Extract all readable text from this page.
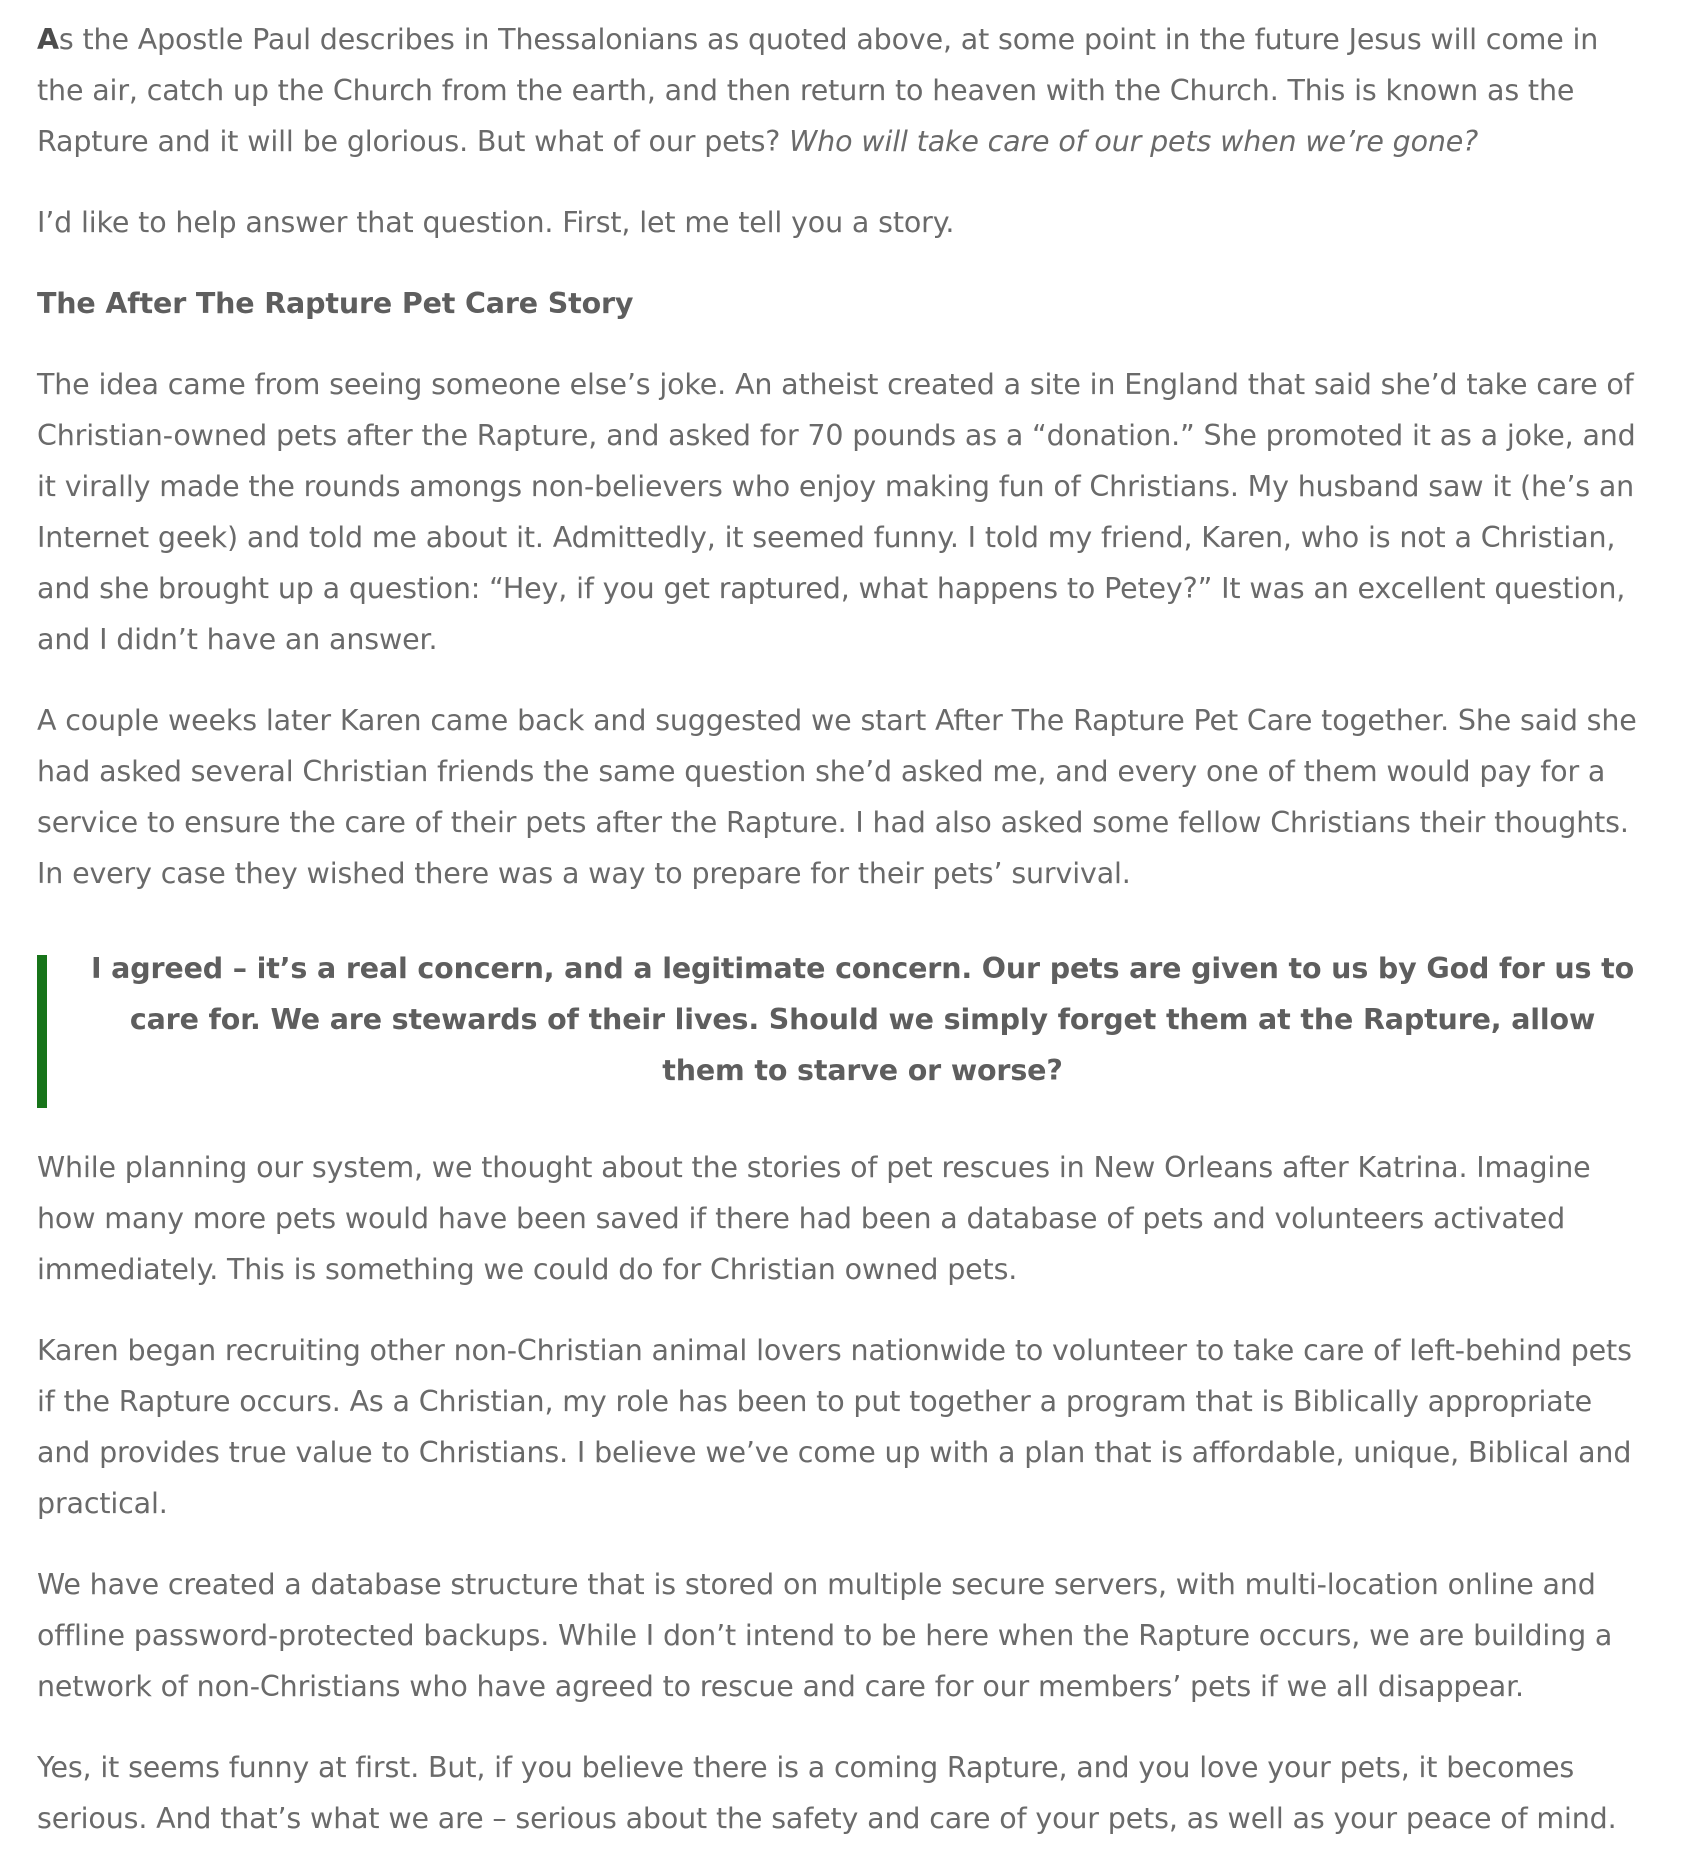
As the Apostle Paul describes in Thessalonians as quoted above, at some point in the future Jesus will come in the air, catch up the Church from the earth, and then return to heaven with the Church. This is known as the Rapture and it will be glorious. But what of our pets? Who will take care of our pets when we’re gone?

I’d like to help answer that question. First, let me tell you a story.

The After The Rapture Pet Care Story

The idea came from seeing someone else’s joke. An atheist created a site in England that said she’d take care of Christian-owned pets after the Rapture, and asked for 70 pounds as a “donation.” She promoted it as a joke, and it virally made the rounds amongs non-believers who enjoy making fun of Christians. My husband saw it (he’s an Internet geek) and told me about it. Admittedly, it seemed funny. I told my friend, Karen, who is not a Christian, and she brought up a question: “Hey, if you get raptured, what happens to Petey?” It was an excellent question, and I didn’t have an answer.

A couple weeks later Karen came back and suggested we start After The Rapture Pet Care together. She said she had asked several Christian friends the same question she’d asked me, and every one of them would pay for a service to ensure the care of their pets after the Rapture. I had also asked some fellow Christians their thoughts. In every case they wished there was a way to prepare for their pets’ survival.

I agreed – it’s a real concern, and a legitimate concern. Our pets are given to us by God for us to care for. We are stewards of their lives. Should we simply forget them at the Rapture, allow them to starve or worse?

While planning our system, we thought about the stories of pet rescues in New Orleans after Katrina. Imagine how many more pets would have been saved if there had been a database of pets and volunteers activated immediately. This is something we could do for Christian owned pets.

Karen began recruiting other non-Christian animal lovers nationwide to volunteer to take care of left-behind pets if the Rapture occurs. As a Christian, my role has been to put together a program that is Biblically appropriate and provides true value to Christians. I believe we’ve come up with a plan that is affordable, unique, Biblical and practical.

We have created a database structure that is stored on multiple secure servers, with multi-location online and offline password-protected backups. While I don’t intend to be here when the Rapture occurs, we are building a network of non-Christians who have agreed to rescue and care for our members’ pets if we all disappear.

Yes, it seems funny at first. But, if you believe there is a coming Rapture, and you love your pets, it becomes serious. And that’s what we are – serious about the safety and care of your pets, as well as your peace of mind.
